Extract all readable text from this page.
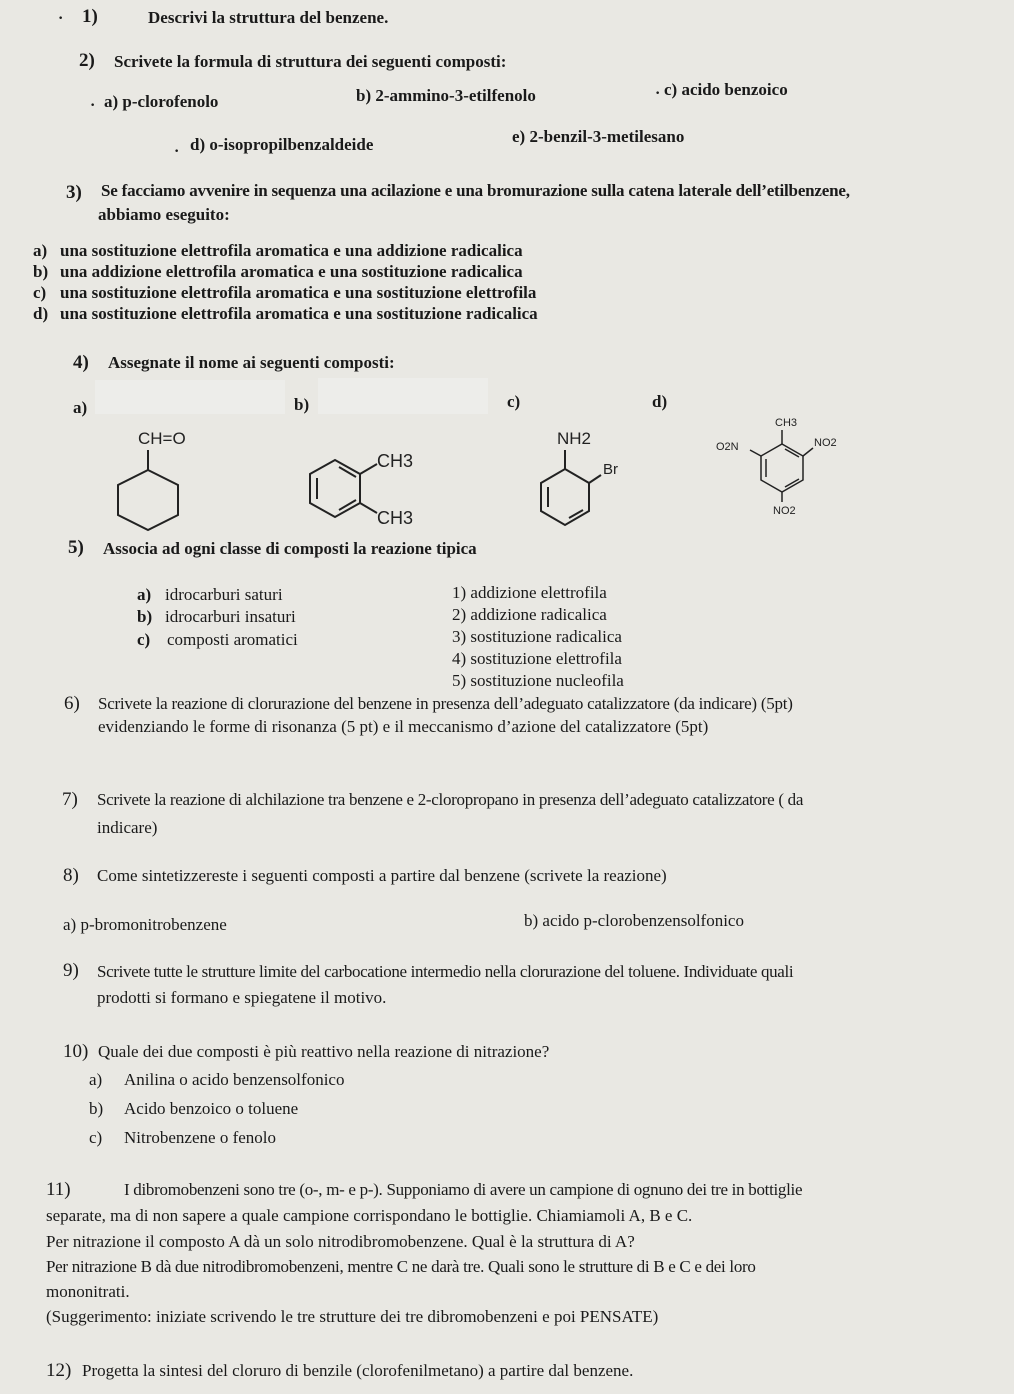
· 1)	Descrivi la struttura del benzene.
2) Scrivete la formula di struttura dei seguenti composti:
· a) p-clorofenolo	b) 2-ammino-3-etilfenolo	· c) acido benzoico
· d) o-isopropilbenzaldeide	e) 2-benzil-3-metilesano
3) Se facciamo avvenire in sequenza una acilazione e una bromurazione sulla catena laterale dell’etilbenzene,
abbiamo eseguito:
a) una sostituzione elettrofila aromatica e una addizione radicalica
b) una addizione elettrofila aromatica e una sostituzione radicalica
c) una sostituzione elettrofila aromatica e una sostituzione elettrofila
d) una sostituzione elettrofila aromatica e una sostituzione radicalica
4) Assegnate il nome ai seguenti composti:
a)	b)	c)	d)
CH=O
CH3
CH3
NH2
Br
CH3
O2N	NO2
NO2
5) Associa ad ogni classe di composti la reazione tipica
a) idrocarburi saturi
b) idrocarburi insaturi
c) composti aromatici
1) addizione elettrofila
2) addizione radicalica
3) sostituzione radicalica
4) sostituzione elettrofila
5) sostituzione nucleofila
6) Scrivete la reazione di clorurazione del benzene in presenza dell’adeguato catalizzatore (da indicare) (5pt)
evidenziando le forme di risonanza (5 pt) e il meccanismo d’azione del catalizzatore (5pt)
7) Scrivete la reazione di alchilazione tra benzene e 2-cloropropano in presenza dell’adeguato catalizzatore ( da
indicare)
8) Come sintetizzereste i seguenti composti a partire dal benzene (scrivete la reazione)
a) p-bromonitrobenzene	b) acido p-clorobenzensolfonico
9) Scrivete tutte le strutture limite del carbocatione intermedio nella clorurazione del toluene. Individuate quali
prodotti si formano e spiegatene il motivo.
10) Quale dei due composti è più reattivo nella reazione di nitrazione?
a) Anilina o acido benzensolfonico
b) Acido benzoico o toluene
c) Nitrobenzene o fenolo
11)	I dibromobenzeni sono tre (o-, m- e p-). Supponiamo di avere un campione di ognuno dei tre in bottiglie
separate, ma di non sapere a quale campione corrispondano le bottiglie. Chiamiamoli A, B e C.
Per nitrazione il composto A dà un solo nitrodibromobenzene. Qual è la struttura di A?
Per nitrazione B dà due nitrodibromobenzeni, mentre C ne darà tre. Quali sono le strutture di B e C e dei loro
mononitrati.
(Suggerimento: iniziate scrivendo le tre strutture dei tre dibromobenzeni e poi PENSATE)
12) Progetta la sintesi del cloruro di benzile (clorofenilmetano) a partire dal benzene.
